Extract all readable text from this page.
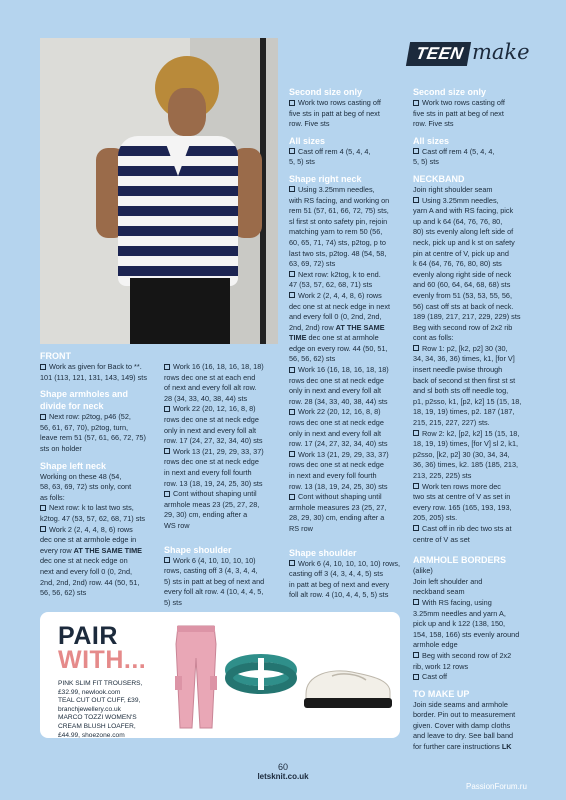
TEEN make
FRONT

Work as given for Back to **.

101 (113, 121, 131, 143, 149) sts

Shape armholes and
divide for neck

Next row: p2tog, p46 (52,

56, 61, 67, 70), p2tog, turn,

leave rem 51 (57, 61, 66, 72, 75)

sts on holder

Shape left neck

Working on these 48 (54,

58, 63, 69, 72) sts only, cont

as folls:

Next row: k to last two sts,

k2tog. 47 (53, 57, 62, 68, 71) sts

Work 2 (2, 4, 4, 8, 6) rows

dec one st at armhole edge in

every row AT THE SAME TIME

dec one st at neck edge on

next and every foll 0 (0, 2nd,

2nd, 2nd, 2nd) row. 44 (50, 51,

56, 56, 62) sts

Work 16 (16, 18, 16, 18, 18)

rows dec one st at each end

of next and every foll alt row.

28 (34, 33, 40, 38, 44) sts

Work 22 (20, 12, 16, 8, 8)

rows dec one st at neck edge

only in next and every foll alt

row. 17 (24, 27, 32, 34, 40) sts

Work 13 (21, 29, 29, 33, 37)

rows dec one st at neck edge

in next and every foll fourth

row. 13 (18, 19, 24, 25, 30) sts

Cont without shaping until

armhole meas 23 (25, 27, 28,

29, 30) cm, ending after a

WS row

Shape shoulder

Work 6 (4, 10, 10, 10, 10)

rows, casting off 3 (4, 3, 4, 4,

5) sts in patt at beg of next and

every foll alt row. 4 (10, 4, 4, 5,

5) sts

Second size only

Work two rows casting off

five sts in patt at beg of next

row. Five sts

All sizes

Cast off rem 4 (5, 4, 4,

5, 5) sts

Shape right neck

Using 3.25mm needles,

with RS facing, and working on

rem 51 (57, 61, 66, 72, 75) sts,

sl first st onto safety pin, rejoin

matching yarn to rem 50 (56,

60, 65, 71, 74) sts, p2tog, p to

last two sts, p2tog. 48 (54, 58,

63, 69, 72) sts

Next row: k2tog, k to end.

47 (53, 57, 62, 68, 71) sts

Work 2 (2, 4, 4, 8, 6) rows

dec one st at neck edge in next

and every foll 0 (0, 2nd, 2nd,

2nd, 2nd) row AT THE SAME

TIME dec one st at armhole

edge on every row. 44 (50, 51,

56, 56, 62) sts

Work 16 (16, 18, 16, 18, 18)

rows dec one st at neck edge

only in next and every foll alt

row. 28 (34, 33, 40, 38, 44) sts

Work 22 (20, 12, 16, 8, 8)

rows dec one st at neck edge

only in next and every foll alt

row. 17 (24, 27, 32, 34, 40) sts

Work 13 (21, 29, 29, 33, 37)

rows dec one st at neck edge

in next and every foll fourth

row. 13 (18, 19, 24, 25, 30) sts

Cont without shaping until

armhole measures 23 (25, 27,

28, 29, 30) cm, ending after a

RS row

Shape shoulder

Work 6 (4, 10, 10, 10, 10) rows,

casting off 3 (4, 3, 4, 4, 5) sts

in patt at beg of next and every

foll alt row. 4 (10, 4, 4, 5, 5) sts

Second size only

Work two rows casting off

five sts in patt at beg of next

row. Five sts

All sizes

Cast off rem 4 (5, 4, 4,

5, 5) sts

NECKBAND

Join right shoulder seam

Using 3.25mm needles,

yarn A and with RS facing, pick

up and k 64 (64, 76, 76, 80,

80) sts evenly along left side of

neck, pick up and k st on safety

pin at centre of V, pick up and

k 64 (64, 76, 76, 80, 80) sts

evenly along right side of neck

and 60 (60, 64, 64, 68, 68) sts

evenly from 51 (53, 53, 55, 56,

56) cast off sts at back of neck.

189 (189, 217, 217, 229, 229) sts

Beg with second row of 2x2 rib

cont as folls:

Row 1: p2, [k2, p2] 30 (30,

34, 34, 36, 36) times, k1, [for V]

insert needle pwise through

back of second st then first st st

and sl both sts off needle tog,

p1, p2sso, k1, [p2, k2] 15 (15, 18,

18, 19, 19) times, p2. 187 (187,

215, 215, 227, 227) sts.

Row 2: k2, [p2, k2] 15 (15, 18,

18, 19, 19) times, [for V] sl 2, k1,

p2sso, [k2, p2] 30 (30, 34, 34,

36, 36) times, k2. 185 (185, 213,

213, 225, 225) sts

Work ten rows more dec

two sts at centre of V as set in

every row. 165 (165, 193, 193,

205, 205) sts.

Cast off in rib dec two sts at

centre of V as set

ARMHOLE BORDERS

(alike)

Join left shoulder and

neckband seam

With RS facing, using

3.25mm needles and yarn A,

pick up and k 122 (138, 150,

154, 158, 166) sts evenly around

armhole edge

Beg with second row of 2x2

rib, work 12 rows

Cast off

TO MAKE UP

Join side seams and armhole

border. Pin out to measurement

given. Cover with damp cloths

and leave to dry. See ball band

for further care instructions LK

PAIR
WITH...
PINK SLIM FIT TROUSERS,
£32.99, newlook.com
TEAL CUT OUT CUFF, £39,
branchjewellery.co.uk
MARCO TOZZI WOMEN'S
CREAM BLUSH LOAFER,
£44.99, shoezone.com
60
letsknit.co.uk
PassionForum.ru
